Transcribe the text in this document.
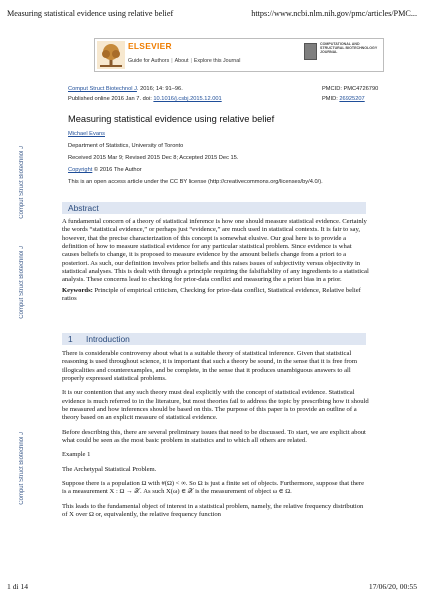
Measuring statistical evidence using relative belief	https://www.ncbi.nlm.nih.gov/pmc/articles/PMC...
ELSEVIER
Guide for Authors | About | Explore this Journal
COMPUTATIONAL AND STRUCTURAL BIOTECHNOLOGY JOURNAL
Comput Struct Biotechnol J. 2016; 14: 91–96.
Published online 2016 Jan 7. doi: 10.1016/j.csbj.2015.12.001
PMCID: PMC4726790
PMID: 26925207
Measuring statistical evidence using relative belief
Michael Evans
Department of Statistics, University of Toronto
Received 2015 Mar 9; Revised 2015 Dec 8; Accepted 2015 Dec 15.
Copyright © 2016 The Author
This is an open access article under the CC BY license (http://creativecommons.org/licenses/by/4.0/).
Comput Struct Biotechnol J
Comput Struct Biotechnol J
Comput Struct Biotechnol J
Abstract

A fundamental concern of a theory of statistical inference is how one should measure statistical evidence. Certainly the words “statistical evidence,” or perhaps just “evidence,” are much used in statistical contexts. It is fair to say, however, that the precise characterization of this concept is somewhat elusive. Our goal here is to provide a definition of how to measure statistical evidence for any particular statistical problem. Since evidence is what causes beliefs to change, it is proposed to measure evidence by the amount beliefs change from a priori to a posteriori. As such, our definition involves prior beliefs and this raises issues of subjectivity versus objectivity in statistical analyses. This is dealt with through a principle requiring the falsifiability of any ingredients to a statistical analysis. These concerns lead to checking for prior-data conflict and measuring the a priori bias in a prior.

Keywords: Principle of empirical criticism, Checking for prior-data conflict, Statistical evidence, Relative belief ratios

1 Introduction

There is considerable controversy about what is a suitable theory of statistical inference. Given that statistical reasoning is used throughout science, it is important that such a theory be sound, in the sense that it is free from illogicalities and counterexamples, and be complete, in the sense that it produces unambiguous answers to all properly expressed statistical problems.

It is our contention that any such theory must deal explicitly with the concept of statistical evidence. Statistical evidence is much referred to in the literature, but most theories fail to address the topic by prescribing how it should be measured and how inferences should be based on this. The purpose of this paper is to provide an outline of a theory based on an explicit measure of statistical evidence.

Before describing this, there are several preliminary issues that need to be discussed. To start, we are explicit about what could be seen as the most basic problem in statistics and to which all others are related.

Example 1

The Archetypal Statistical Problem.

Suppose there is a population Ω with #(Ω) < ∞. So Ω is just a finite set of objects. Furthermore, suppose that there is a measurement X : Ω → 𝒳. As such X(ω) ∈ 𝒳 is the measurement of object ω ∈ Ω.

This leads to the fundamental object of interest in a statistical problem, namely, the relative frequency distribution of X over Ω or, equivalently, the relative frequency function

1 di 14	17/06/20, 00:55
